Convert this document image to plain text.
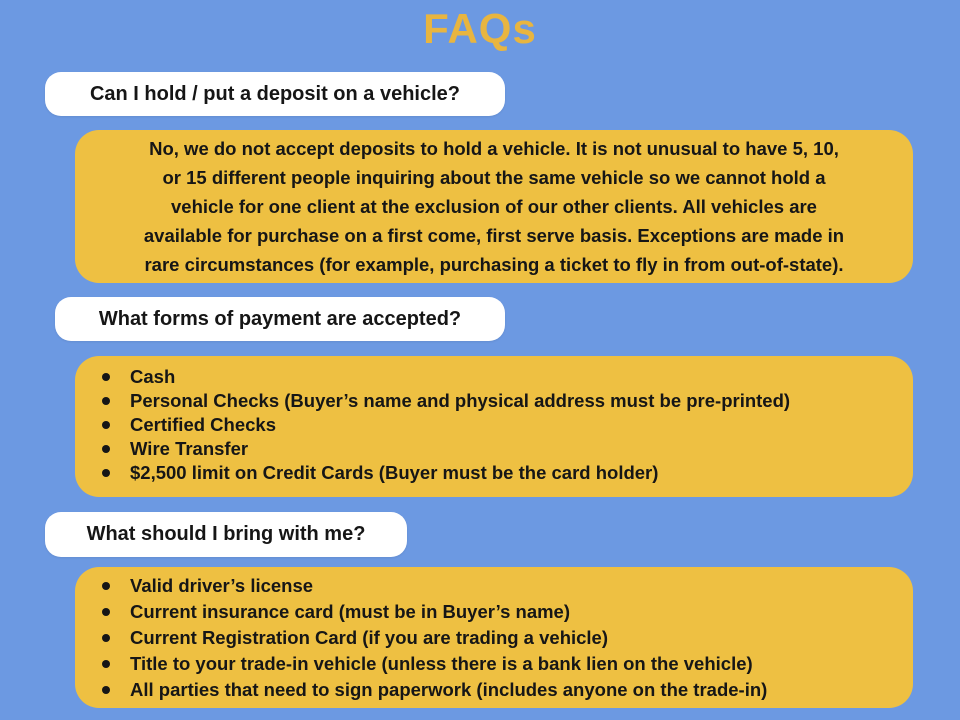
FAQs
Can I hold / put a deposit on a vehicle?
No, we do not accept deposits to hold a vehicle. It is not unusual to have 5, 10,
or 15 different people inquiring about the same vehicle so we cannot hold a
vehicle for one client at the exclusion of our other clients. All vehicles are
available for purchase on a first come, first serve basis. Exceptions are made in
rare circumstances (for example, purchasing a ticket to fly in from out-of-state).
What forms of payment are accepted?
Cash
Personal Checks (Buyer’s name and physical address must be pre-printed)
Certified Checks
Wire Transfer
$2,500 limit on Credit Cards (Buyer must be the card holder)
What should I bring with me?
Valid driver’s license
Current insurance card (must be in Buyer’s name)
Current Registration Card (if you are trading a vehicle)
Title to your trade-in vehicle (unless there is a bank lien on the vehicle)
All parties that need to sign paperwork (includes anyone on the trade-in)
